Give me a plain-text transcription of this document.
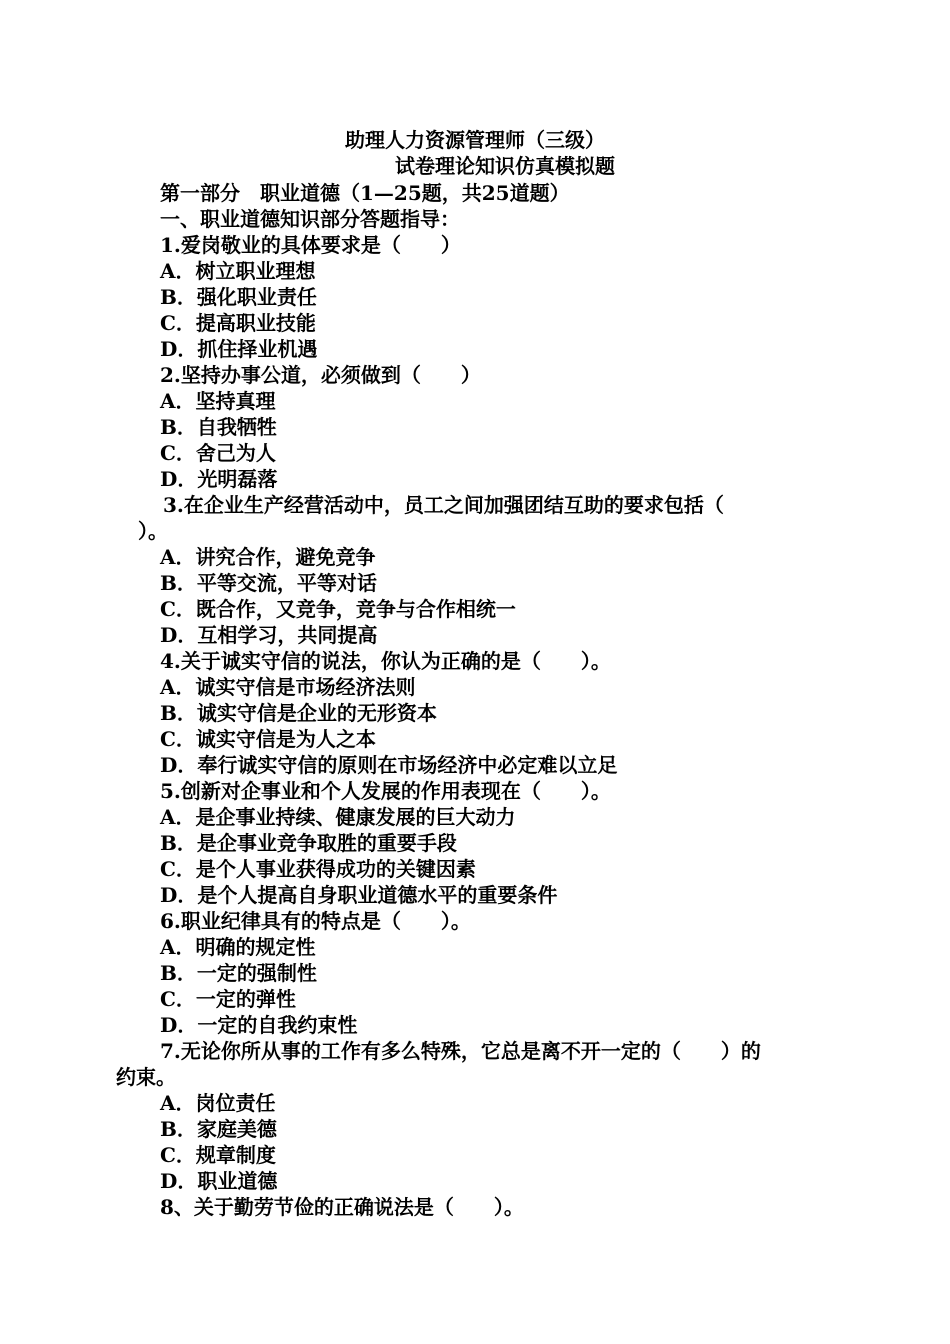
助理人力资源管理师（三级）
试卷理论知识仿真模拟题
第一部分　职业道德（1—25题，共25道题）
一、职业道德知识部分答题指导：
1.爱岗敬业的具体要求是（　　）
A．树立职业理想
B．强化职业责任
C．提高职业技能
D．抓住择业机遇
2.坚持办事公道，必须做到（　　）
A．坚持真理
B．自我牺牲
C．舍己为人
D．光明磊落
3.在企业生产经营活动中，员工之间加强团结互助的要求包括（
）。
A．讲究合作，避免竞争
B．平等交流，平等对话
C．既合作，又竞争，竞争与合作相统一
D．互相学习，共同提高
4.关于诚实守信的说法，你认为正确的是（　　）。
A．诚实守信是市场经济法则
B．诚实守信是企业的无形资本
C．诚实守信是为人之本
D．奉行诚实守信的原则在市场经济中必定难以立足
5.创新对企事业和个人发展的作用表现在（　　）。
A．是企事业持续、健康发展的巨大动力
B．是企事业竞争取胜的重要手段
C．是个人事业获得成功的关键因素
D．是个人提高自身职业道德水平的重要条件
6.职业纪律具有的特点是（　　）。
A．明确的规定性
B．一定的强制性
C．一定的弹性
D．一定的自我约束性
7.无论你所从事的工作有多么特殊，它总是离不开一定的（　　）的
约束。
A．岗位责任
B．家庭美德
C．规章制度
D．职业道德
8、关于勤劳节俭的正确说法是（　　）。
